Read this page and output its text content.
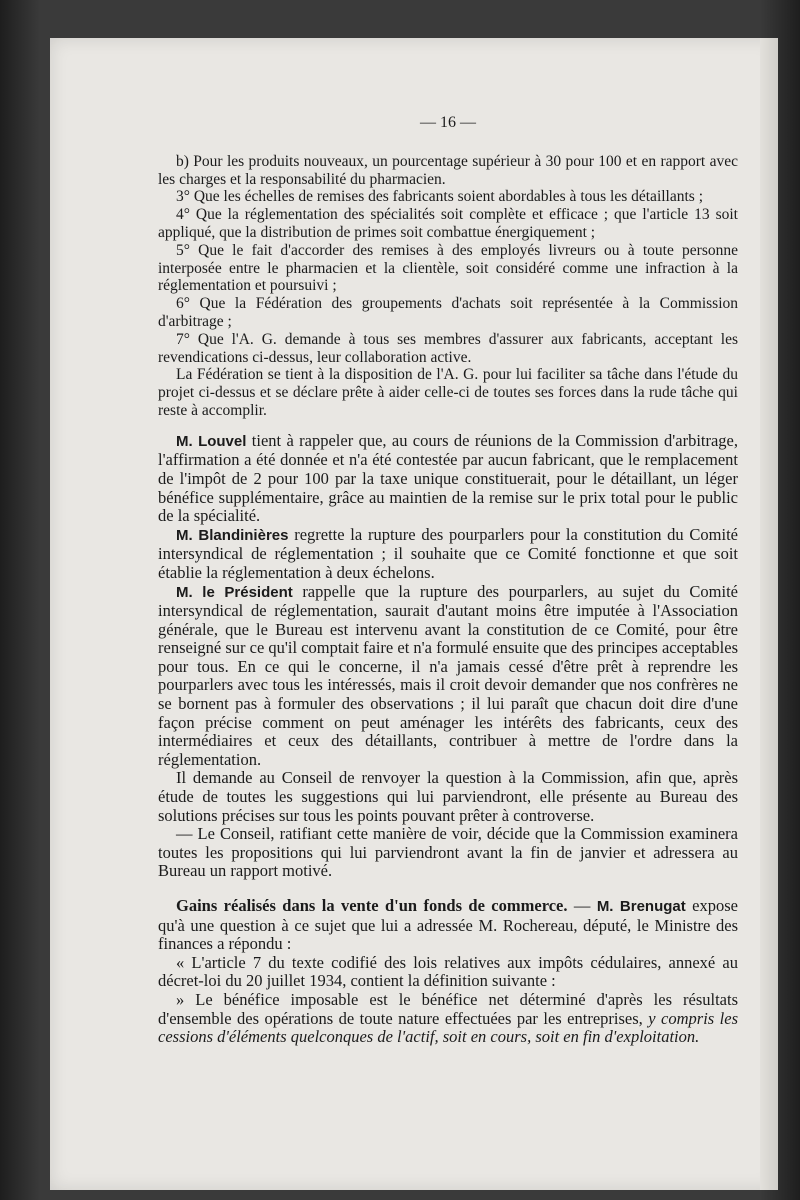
— 16 —

b) Pour les produits nouveaux, un pourcentage supérieur à 30 pour 100 et en rapport avec les charges et la responsabilité du pharmacien.

3° Que les échelles de remises des fabricants soient abordables à tous les détaillants ;

4° Que la réglementation des spécialités soit complète et efficace ; que l'article 13 soit appliqué, que la distribution de primes soit combattue énergiquement ;

5° Que le fait d'accorder des remises à des employés livreurs ou à toute personne interposée entre le pharmacien et la clientèle, soit considéré comme une infraction à la réglementation et poursuivi ;

6° Que la Fédération des groupements d'achats soit représentée à la Commission d'arbitrage ;

7° Que l'A. G. demande à tous ses membres d'assurer aux fabricants, acceptant les revendications ci-dessus, leur collaboration active.

La Fédération se tient à la disposition de l'A. G. pour lui faciliter sa tâche dans l'étude du projet ci-dessus et se déclare prête à aider celle-ci de toutes ses forces dans la rude tâche qui reste à accomplir.

M. Louvel tient à rappeler que, au cours de réunions de la Commission d'arbitrage, l'affirmation a été donnée et n'a été contestée par aucun fabricant, que le remplacement de l'impôt de 2 pour 100 par la taxe unique constituerait, pour le détaillant, un léger bénéfice supplémentaire, grâce au maintien de la remise sur le prix total pour le public de la spécialité.

M. Blandinières regrette la rupture des pourparlers pour la constitution du Comité intersyndical de réglementation ; il souhaite que ce Comité fonctionne et que soit établie la réglementation à deux échelons.

M. le Président rappelle que la rupture des pourparlers, au sujet du Comité intersyndical de réglementation, saurait d'autant moins être imputée à l'Association générale, que le Bureau est intervenu avant la constitution de ce Comité, pour être renseigné sur ce qu'il comptait faire et n'a formulé ensuite que des principes acceptables pour tous. En ce qui le concerne, il n'a jamais cessé d'être prêt à reprendre les pourparlers avec tous les intéressés, mais il croit devoir demander que nos confrères ne se bornent pas à formuler des observations ; il lui paraît que chacun doit dire d'une façon précise comment on peut aménager les intérêts des fabricants, ceux des intermédiaires et ceux des détaillants, contribuer à mettre de l'ordre dans la réglementation.

Il demande au Conseil de renvoyer la question à la Commission, afin que, après étude de toutes les suggestions qui lui parviendront, elle présente au Bureau des solutions précises sur tous les points pouvant prêter à controverse.

— Le Conseil, ratifiant cette manière de voir, décide que la Commission examinera toutes les propositions qui lui parviendront avant la fin de janvier et adressera au Bureau un rapport motivé.

Gains réalisés dans la vente d'un fonds de commerce. — M. Brenugat expose qu'à une question à ce sujet que lui a adressée M. Rochereau, député, le Ministre des finances a répondu :

« L'article 7 du texte codifié des lois relatives aux impôts cédulaires, annexé au décret-loi du 20 juillet 1934, contient la définition suivante :

» Le bénéfice imposable est le bénéfice net déterminé d'après les résultats d'ensemble des opérations de toute nature effectuées par les entreprises, y compris les cessions d'éléments quelconques de l'actif, soit en cours, soit en fin d'exploitation.
